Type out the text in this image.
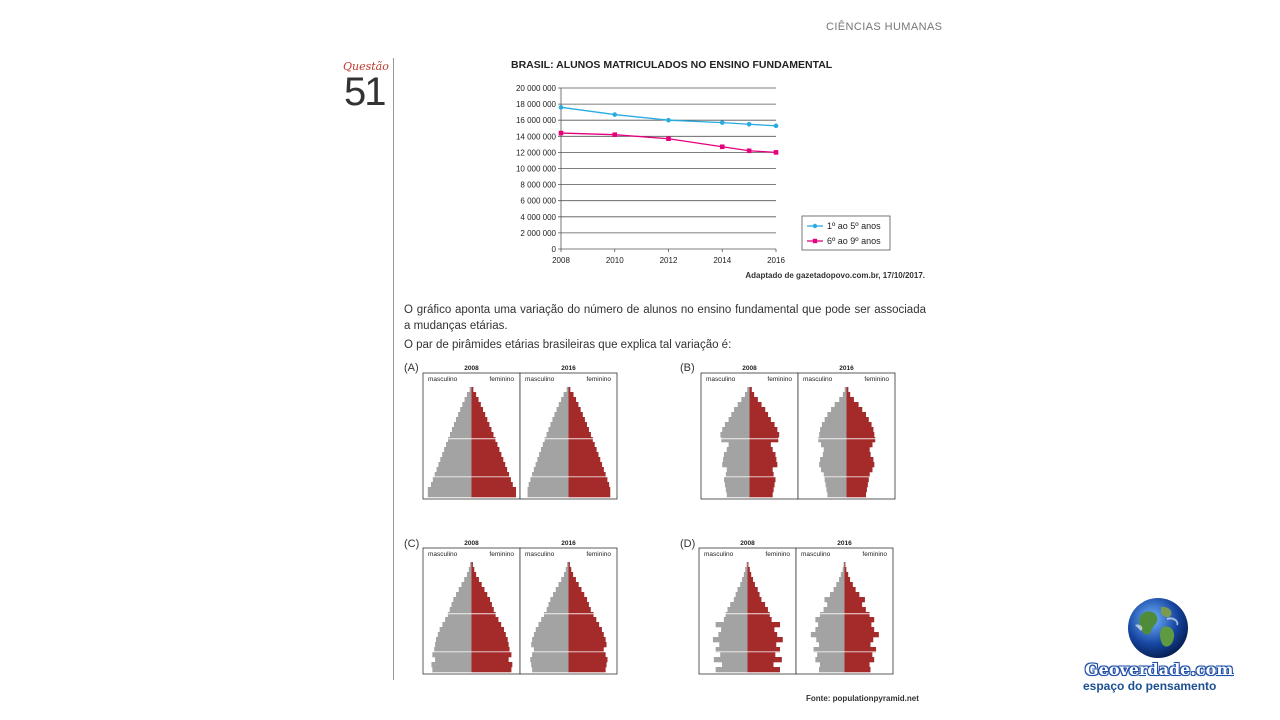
CIÊNCIAS HUMANAS
Questão
51
BRASIL: ALUNOS MATRICULADOS NO ENSINO FUNDAMENTAL
0
2 000 000
4 000 000
6 000 000
8 000 000
10 000 000
12 000 000
14 000 000
16 000 000
18 000 000
20 000 000
2008	2010	2012	2014	2016
1º ao 5º anos
6º ao 9º anos
Adaptado de gazetadopovo.com.br, 17/10/2017.
O gráfico aponta uma variação do número de alunos no ensino fundamental que pode ser associada a mudanças etárias.
O par de pirâmides etárias brasileiras que explica tal variação é:
(A)	2008
masculino	feminino
2016
masculino	feminino
(B)	2008
masculino	feminino
2016
masculino	feminino
(C)	2008
masculino	feminino
2016
masculino	feminino
(D)	2008
masculino	feminino
2016
masculino	feminino
Fonte: populationpyramid.net
Geoverdade.com
espaço do pensamento
